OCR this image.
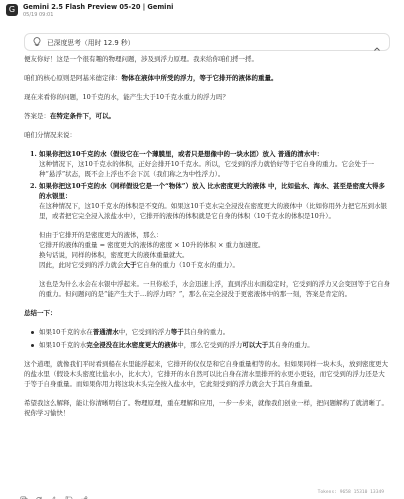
G	Gemini 2.5 Flash Preview 05-20 | Gemini
05/19 09:01
已深度思考（用时 12.9 秒）
便友你好！这是一个很有趣的物理问题，涉及到浮力原理。我来给你咱们捋一捋。
咱们的核心原则是阿基米德定律：物体在液体中所受的浮力，等于它排开的液体的重量。
现在来看你的问题，10千克的水，能产生大于10千克水重力的浮力吗？
答案是：在特定条件下，可以。
咱们分情况来说：
1. 如果你把这10千克的水（假设它在一个薄膜里，或者只是想像中的一块水团）放入 普通的清水中：
这种情况下，这10千克水的体积，正好会排开10千克水。所以，它受到的浮力就恰好等于它自身的重力。它会处于一种“悬浮”状态，既不会上浮也不会下沉（我们称之为中性浮力）。
2. 如果你把这10千克的水（同样假设它是一个“物体”）放入 比水密度更大的液体 中，比如盐水、海水、甚至是密度大得多的水银里：
在这种情况下，这10千克水的体积是不变的。如果这10千克水完全浸没在密度更大的液体中（比如你用外力把它压到水银里，或者把它完全浸入浓盐水中），它排开的液体的体积就是它自身的体积（10千克水的体积是10升）。
但由于它排开的是密度更大的液体，那么：
它排开的液体的重量 = 密度更大的液体的密度 × 10升的体积 × 重力加速度。
换句话说，同样的体积，密度更大的液体重量就大。
因此，此时它受到的浮力就会大于它自身的重力（10千克水的重力）。
这也是为什么水会在水银中浮起来。一旦你松手，水会迅速上浮，直到浮出水面稳定时，它受到的浮力又会变回等于它自身的重力。但问题问的是“能产生大于…的浮力吗？”，那么在完全浸没于更密液体中的那一刻，答案是肯定的。
总结一下：
如果10千克的水在普通清水中，它受到的浮力等于其自身的重力。
如果10千克的水完全浸没在比水密度更大的液体中，那么它受到的浮力可以大于其自身的重力。
这个道理，就像我们平时看到船在水里能浮起来，它排开的仅仅是和它自身重量相等的水。但如果同样一块木头，放到密度更大的盐水里（假设木头密度比盐水小，比水大），它排开的水自然可以比自身在清水里排开的水更小更轻，而它受到的浮力还是大于等于自身重量。而如果你用力将这块木头完全按入盐水中，它此刻受到的浮力就会大于其自身重量。
希望我这么解释，能让你清晰明白了。物理原理，重在理解和应用，一步一步来，就像我们创业一样，把问题解构了就清晰了。祝你学习愉快！
Tokens: 9658 15310 13349
